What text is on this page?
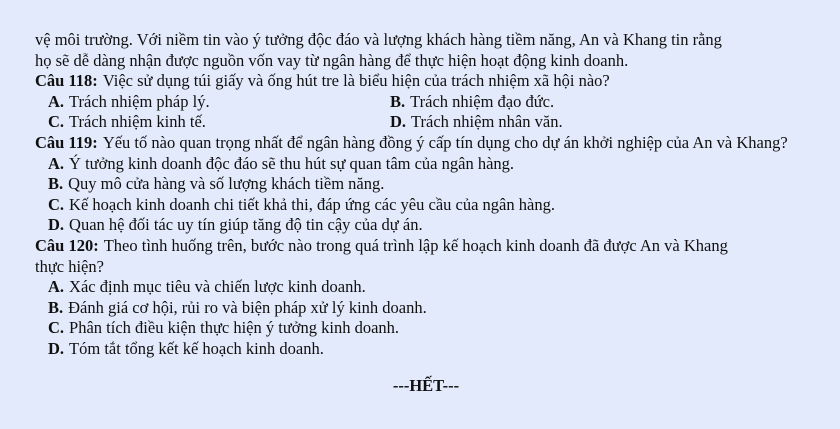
vệ môi trường. Với niềm tin vào ý tưởng độc đáo và lượng khách hàng tiềm năng, An và Khang tin rằng
họ sẽ dễ dàng nhận được nguồn vốn vay từ ngân hàng để thực hiện hoạt động kinh doanh.
Câu 118: Việc sử dụng túi giấy và ống hút tre là biểu hiện của trách nhiệm xã hội nào?
A. Trách nhiệm pháp lý.	B. Trách nhiệm đạo đức.
C. Trách nhiệm kinh tế.	D. Trách nhiệm nhân văn.
Câu 119: Yếu tố nào quan trọng nhất để ngân hàng đồng ý cấp tín dụng cho dự án khởi nghiệp của An và Khang?
A. Ý tưởng kinh doanh độc đáo sẽ thu hút sự quan tâm của ngân hàng.
B. Quy mô cửa hàng và số lượng khách tiềm năng.
C. Kế hoạch kinh doanh chi tiết khả thi, đáp ứng các yêu cầu của ngân hàng.
D. Quan hệ đối tác uy tín giúp tăng độ tin cậy của dự án.
Câu 120: Theo tình huống trên, bước nào trong quá trình lập kế hoạch kinh doanh đã được An và Khang
thực hiện?
A. Xác định mục tiêu và chiến lược kinh doanh.
B. Đánh giá cơ hội, rủi ro và biện pháp xử lý kinh doanh.
C. Phân tích điều kiện thực hiện ý tưởng kinh doanh.
D. Tóm tắt tổng kết kế hoạch kinh doanh.
---HẾT---
